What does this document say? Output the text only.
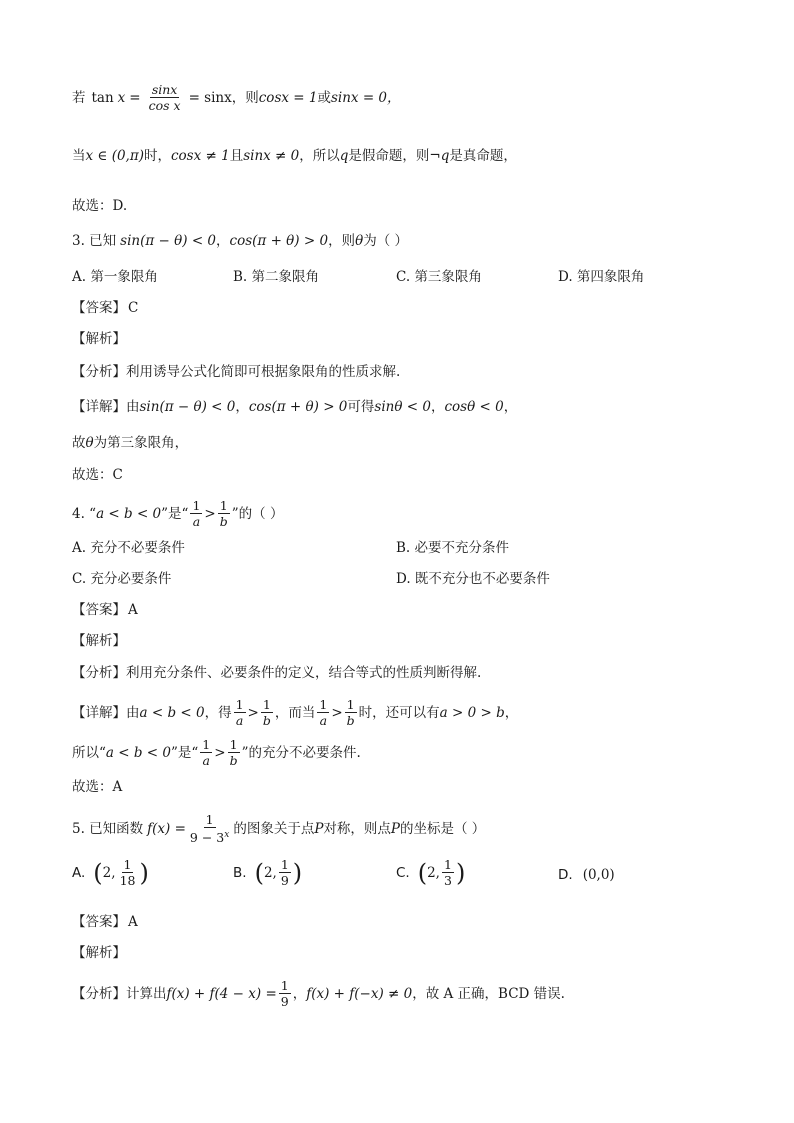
若 $\tan x = \frac{\sin x}{\text{cos x}} = \sin x$，则 cosx = 1 或 sinx = 0，
当 x ∈ (0,π) 时， cosx ≠ 1 且 sinx ≠ 0 ，所以 q 是假命题，则 ¬q 是真命题，
故选：D.
3. 已知 sin(π − θ) < 0 ， cos(π + θ) > 0 ，则 θ 为（ ）
A. 第一象限角	B. 第二象限角	C. 第三象限角	D. 第四象限角
【答案】 C
【解析】
【分析】 利用诱导公式化简即可根据象限角的性质求解.
【详解】 由 sin(π − θ) < 0 ， cos(π + θ) > 0 可得 sinθ < 0 ， cosθ < 0 ，
故 θ 为第三象限角，
故选：C
4. “ a < b < 0 ”是“ $\frac{1}{a} > \frac{1}{b}$ ”的（ ）
A. 充分不必要条件	B. 必要不充分条件
C. 充分必要条件	D. 既不充分也不必要条件
【答案】 A
【解析】
【分析】 利用充分条件、必要条件的定义，结合等式的性质判断得解.
【详解】 由 a < b < 0 ，得 $\frac{1}{a} > \frac{1}{b}$ ，而当 $\frac{1}{a} > \frac{1}{b}$ 时，还可以有 a > 0 > b ，
所以“ a < b < 0 ”是“ $\frac{1}{a} > \frac{1}{b}$ ”的充分不必要条件.
故选：A
5. 已知函数 $f(x) = \frac{1}{9 - 3^x}$ 的图象关于点 P 对称，则点 P 的坐标是（ ）
A. ( 2, $\frac{1}{18}$ )	B. ( 2, $\frac{1}{9}$ )	C. ( 2, $\frac{1}{3}$ )	D. (0,0)
【答案】 A
【解析】
【分析】 计算出 $f(x) + f(4 - x) = \frac{1}{9}$ ， f(x) + f(−x) ≠ 0 ，故 A 正确，BCD 错误.
